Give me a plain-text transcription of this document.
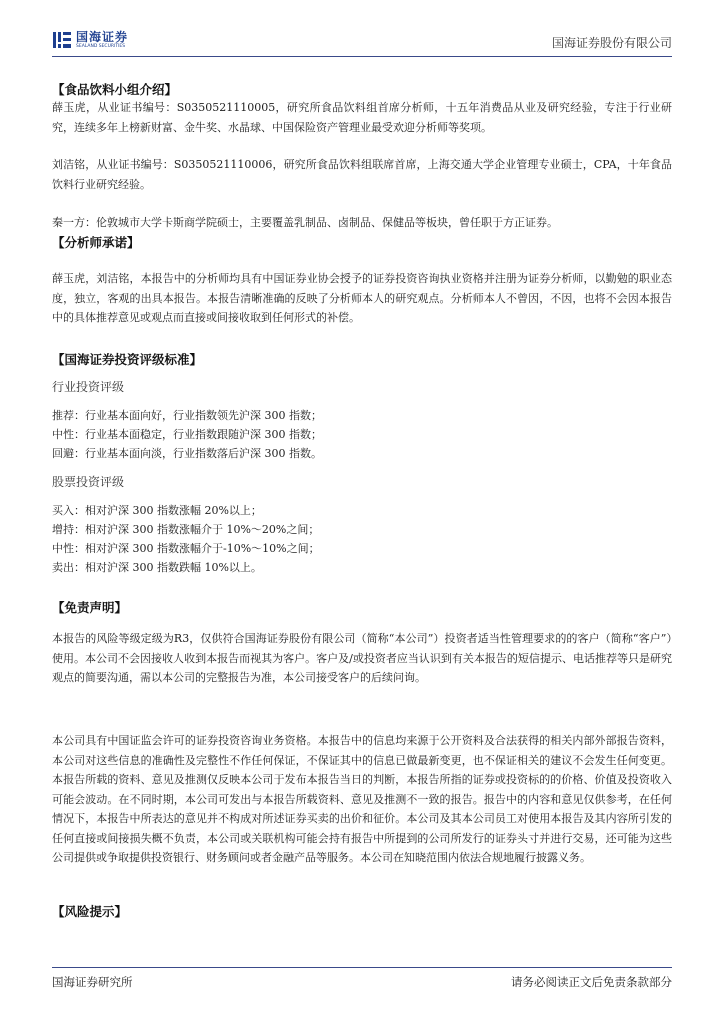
国海证券
SEALAND SECURITIES	国海证券股份有限公司
【食品饮料小组介绍】
薛玉虎，从业证书编号：S0350521110005，研究所食品饮料组首席分析师，十五年消费品从业及研究经验，专注于行业研究，连续多年上榜新财富、金牛奖、水晶球、中国保险资产管理业最受欢迎分析师等奖项。
刘洁铭，从业证书编号：S0350521110006，研究所食品饮料组联席首席，上海交通大学企业管理专业硕士，CPA，十年食品饮料行业研究经验。
秦一方：伦敦城市大学卡斯商学院硕士，主要覆盖乳制品、卤制品、保健品等板块，曾任职于方正证券。
【分析师承诺】
薛玉虎，刘洁铭，本报告中的分析师均具有中国证券业协会授予的证券投资咨询执业资格并注册为证券分析师，以勤勉的职业态度，独立，客观的出具本报告。本报告清晰准确的反映了分析师本人的研究观点。分析师本人不曾因，不因，也将不会因本报告中的具体推荐意见或观点而直接或间接收取到任何形式的补偿。
【国海证券投资评级标准】
行业投资评级
推荐：行业基本面向好，行业指数领先沪深 300 指数；
中性：行业基本面稳定，行业指数跟随沪深 300 指数；
回避：行业基本面向淡，行业指数落后沪深 300 指数。
股票投资评级
买入：相对沪深 300 指数涨幅 20%以上；
增持：相对沪深 300 指数涨幅介于 10%～20%之间；
中性：相对沪深 300 指数涨幅介于-10%～10%之间；
卖出：相对沪深 300 指数跌幅 10%以上。
【免责声明】
本报告的风险等级定级为R3，仅供符合国海证券股份有限公司（简称“本公司”）投资者适当性管理要求的的客户（简称“客户”）使用。本公司不会因接收人收到本报告而视其为客户。客户及/或投资者应当认识到有关本报告的短信提示、电话推荐等只是研究观点的简要沟通，需以本公司的完整报告为准，本公司接受客户的后续问询。
本公司具有中国证监会许可的证券投资咨询业务资格。本报告中的信息均来源于公开资料及合法获得的相关内部外部报告资料，本公司对这些信息的准确性及完整性不作任何保证，不保证其中的信息已做最新变更，也不保证相关的建议不会发生任何变更。本报告所载的资料、意见及推测仅反映本公司于发布本报告当日的判断，本报告所指的证券或投资标的的价格、价值及投资收入可能会波动。在不同时期，本公司可发出与本报告所载资料、意见及推测不一致的报告。报告中的内容和意见仅供参考，在任何情况下，本报告中所表达的意见并不构成对所述证券买卖的出价和征价。本公司及其本公司员工对使用本报告及其内容所引发的任何直接或间接损失概不负责，本公司或关联机构可能会持有报告中所提到的公司所发行的证券头寸并进行交易，还可能为这些公司提供或争取提供投资银行、财务顾问或者金融产品等服务。本公司在知晓范围内依法合规地履行披露义务。
【风险提示】
国海证券研究所	请务必阅读正文后免责条款部分
